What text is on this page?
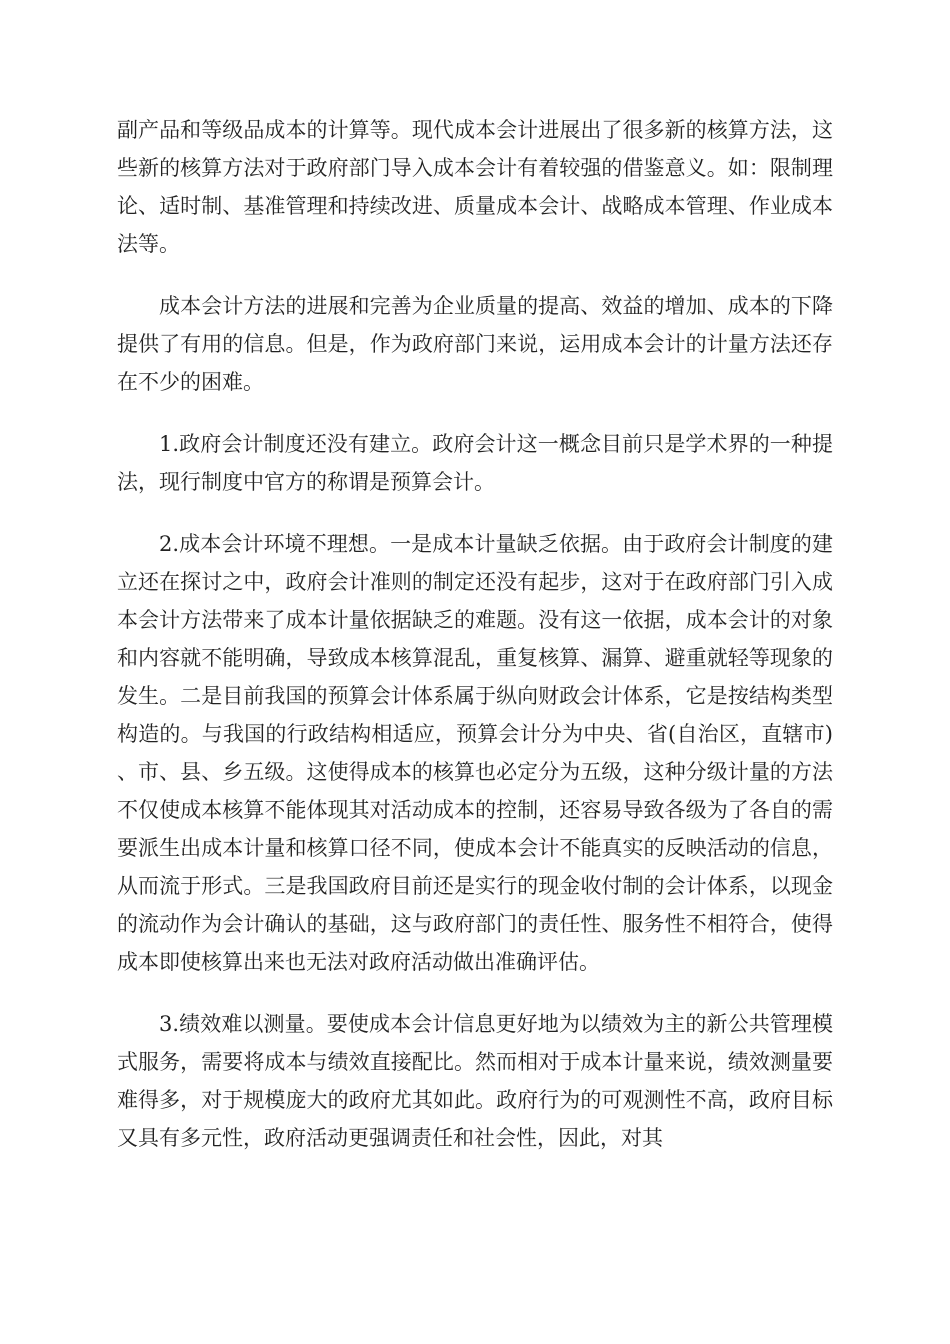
副产品和等级品成本的计算等。现代成本会计进展出了很多新的核算方法，这些新的核算方法对于政府部门导入成本会计有着较强的借鉴意义。如：限制理论、适时制、基准管理和持续改进、质量成本会计、战略成本管理、作业成本法等。

成本会计方法的进展和完善为企业质量的提高、效益的增加、成本的下降提供了有用的信息。但是，作为政府部门来说，运用成本会计的计量方法还存在不少的困难。

1.政府会计制度还没有建立。政府会计这一概念目前只是学术界的一种提法，现行制度中官方的称谓是预算会计。

2.成本会计环境不理想。一是成本计量缺乏依据。由于政府会计制度的建立还在探讨之中，政府会计准则的制定还没有起步，这对于在政府部门引入成本会计方法带来了成本计量依据缺乏的难题。没有这一依据，成本会计的对象和内容就不能明确，导致成本核算混乱，重复核算、漏算、避重就轻等现象的发生。二是目前我国的预算会计体系属于纵向财政会计体系，它是按结构类型构造的。与我国的行政结构相适应，预算会计分为中央、省(自治区，直辖市)、市、县、乡五级。这使得成本的核算也必定分为五级，这种分级计量的方法不仅使成本核算不能体现其对活动成本的控制，还容易导致各级为了各自的需要派生出成本计量和核算口径不同，使成本会计不能真实的反映活动的信息，从而流于形式。三是我国政府目前还是实行的现金收付制的会计体系，以现金的流动作为会计确认的基础，这与政府部门的责任性、服务性不相符合，使得成本即使核算出来也无法对政府活动做出准确评估。

3.绩效难以测量。要使成本会计信息更好地为以绩效为主的新公共管理模式服务，需要将成本与绩效直接配比。然而相对于成本计量来说，绩效测量要难得多，对于规模庞大的政府尤其如此。政府行为的可观测性不高，政府目标又具有多元性，政府活动更强调责任和社会性，因此，对其
